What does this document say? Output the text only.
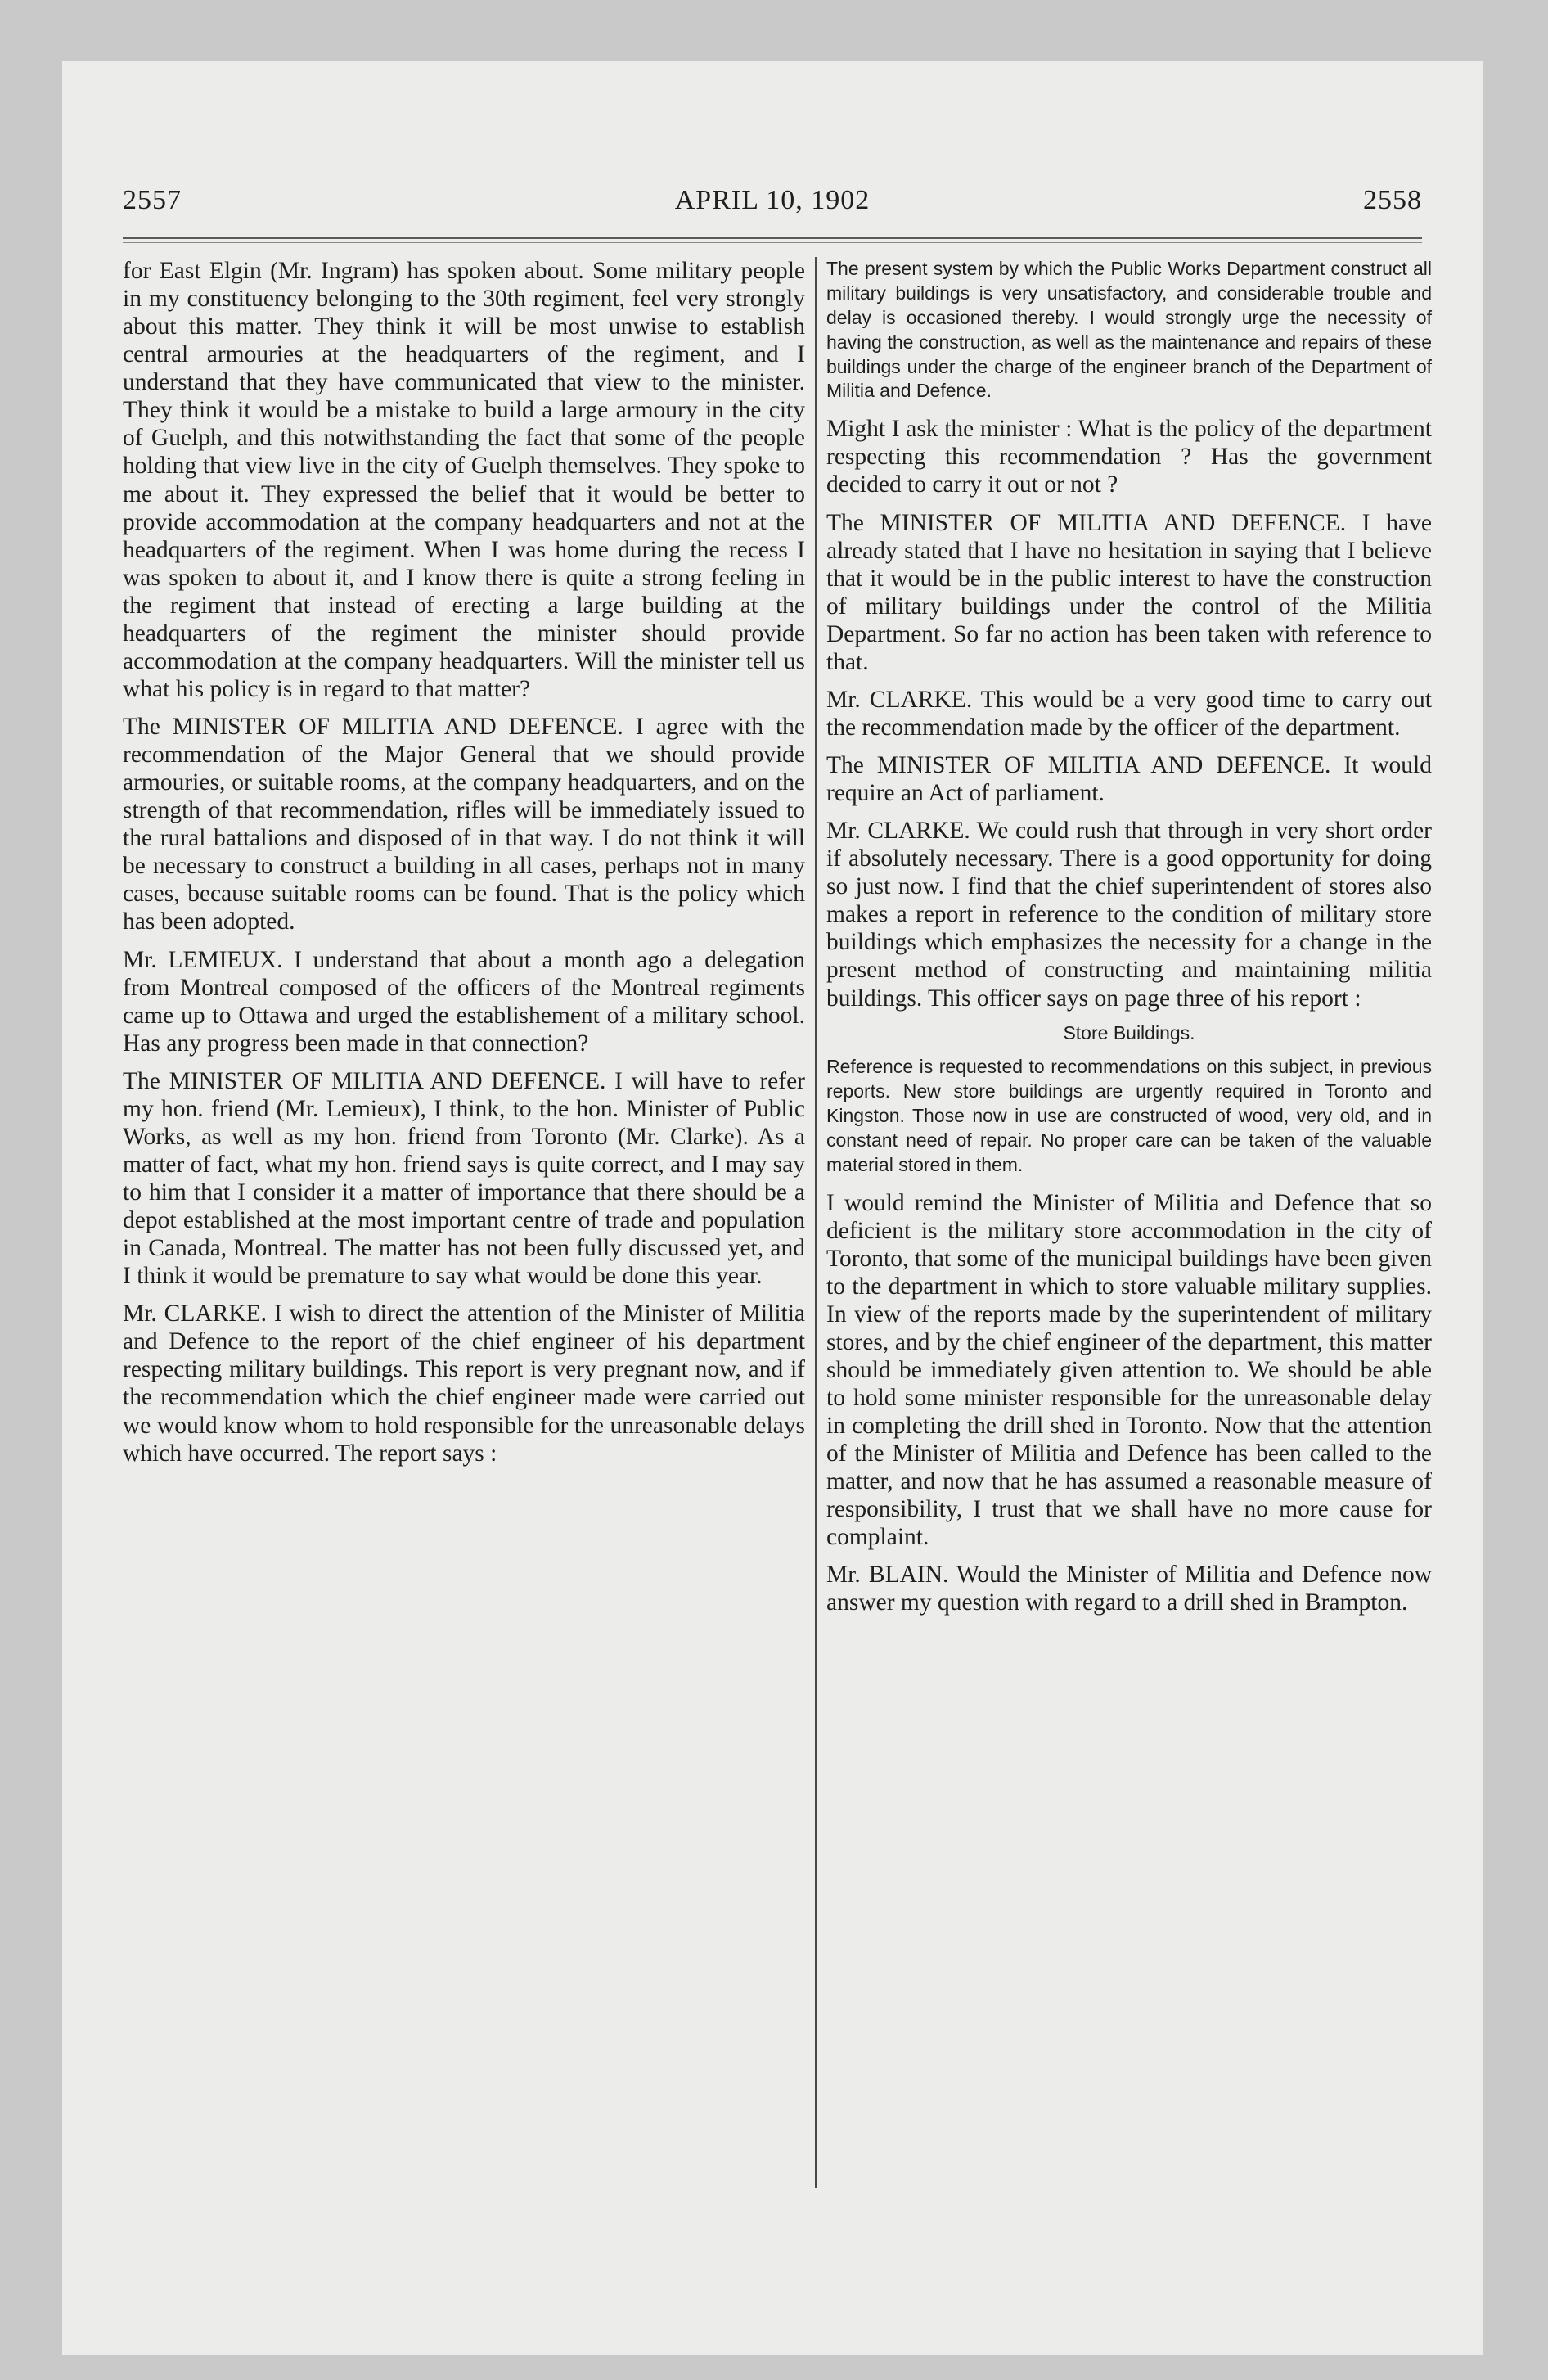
2557	APRIL 10, 1902	2558

for East Elgin (Mr. Ingram) has spoken about. Some military people in my constituency belonging to the 30th regiment, feel very strongly about this matter. They think it will be most unwise to establish central armouries at the headquarters of the regiment, and I understand that they have communicated that view to the minister. They think it would be a mistake to build a large armoury in the city of Guelph, and this notwithstanding the fact that some of the people holding that view live in the city of Guelph themselves. They spoke to me about it. They expressed the belief that it would be better to provide accommodation at the company headquarters and not at the headquarters of the regiment. When I was home during the recess I was spoken to about it, and I know there is quite a strong feeling in the regiment that instead of erecting a large building at the headquarters of the regiment the minister should provide accommodation at the company headquarters. Will the minister tell us what his policy is in regard to that matter?

The MINISTER OF MILITIA AND DEFENCE. I agree with the recommendation of the Major General that we should provide armouries, or suitable rooms, at the company headquarters, and on the strength of that recommendation, rifles will be immediately issued to the rural battalions and disposed of in that way. I do not think it will be necessary to construct a building in all cases, perhaps not in many cases, because suitable rooms can be found. That is the policy which has been adopted.

Mr. LEMIEUX. I understand that about a month ago a delegation from Montreal composed of the officers of the Montreal regiments came up to Ottawa and urged the establishement of a military school. Has any progress been made in that connection?

The MINISTER OF MILITIA AND DEFENCE. I will have to refer my hon. friend (Mr. Lemieux), I think, to the hon. Minister of Public Works, as well as my hon. friend from Toronto (Mr. Clarke). As a matter of fact, what my hon. friend says is quite correct, and I may say to him that I consider it a matter of importance that there should be a depot established at the most important centre of trade and population in Canada, Montreal. The matter has not been fully discussed yet, and I think it would be premature to say what would be done this year.

Mr. CLARKE. I wish to direct the attention of the Minister of Militia and Defence to the report of the chief engineer of his department respecting military buildings. This report is very pregnant now, and if the recommendation which the chief engineer made were carried out we would know whom to hold responsible for the unreasonable delays which have occurred. The report says :

The present system by which the Public Works Department construct all military buildings is very unsatisfactory, and considerable trouble and delay is occasioned thereby. I would strongly urge the necessity of having the construction, as well as the maintenance and repairs of these buildings under the charge of the engineer branch of the Department of Militia and Defence.

Might I ask the minister : What is the policy of the department respecting this recommendation ? Has the government decided to carry it out or not ?

The MINISTER OF MILITIA AND DEFENCE. I have already stated that I have no hesitation in saying that I believe that it would be in the public interest to have the construction of military buildings under the control of the Militia Department. So far no action has been taken with reference to that.

Mr. CLARKE. This would be a very good time to carry out the recommendation made by the officer of the department.

The MINISTER OF MILITIA AND DEFENCE. It would require an Act of parliament.

Mr. CLARKE. We could rush that through in very short order if absolutely necessary. There is a good opportunity for doing so just now. I find that the chief superintendent of stores also makes a report in reference to the condition of military store buildings which emphasizes the necessity for a change in the present method of constructing and maintaining militia buildings. This officer says on page three of his report :

Store Buildings.

Reference is requested to recommendations on this subject, in previous reports. New store buildings are urgently required in Toronto and Kingston. Those now in use are constructed of wood, very old, and in constant need of repair. No proper care can be taken of the valuable material stored in them.

I would remind the Minister of Militia and Defence that so deficient is the military store accommodation in the city of Toronto, that some of the municipal buildings have been given to the department in which to store valuable military supplies. In view of the reports made by the superintendent of military stores, and by the chief engineer of the department, this matter should be immediately given attention to. We should be able to hold some minister responsible for the unreasonable delay in completing the drill shed in Toronto. Now that the attention of the Minister of Militia and Defence has been called to the matter, and now that he has assumed a reasonable measure of responsibility, I trust that we shall have no more cause for complaint.

Mr. BLAIN. Would the Minister of Militia and Defence now answer my question with regard to a drill shed in Brampton.
